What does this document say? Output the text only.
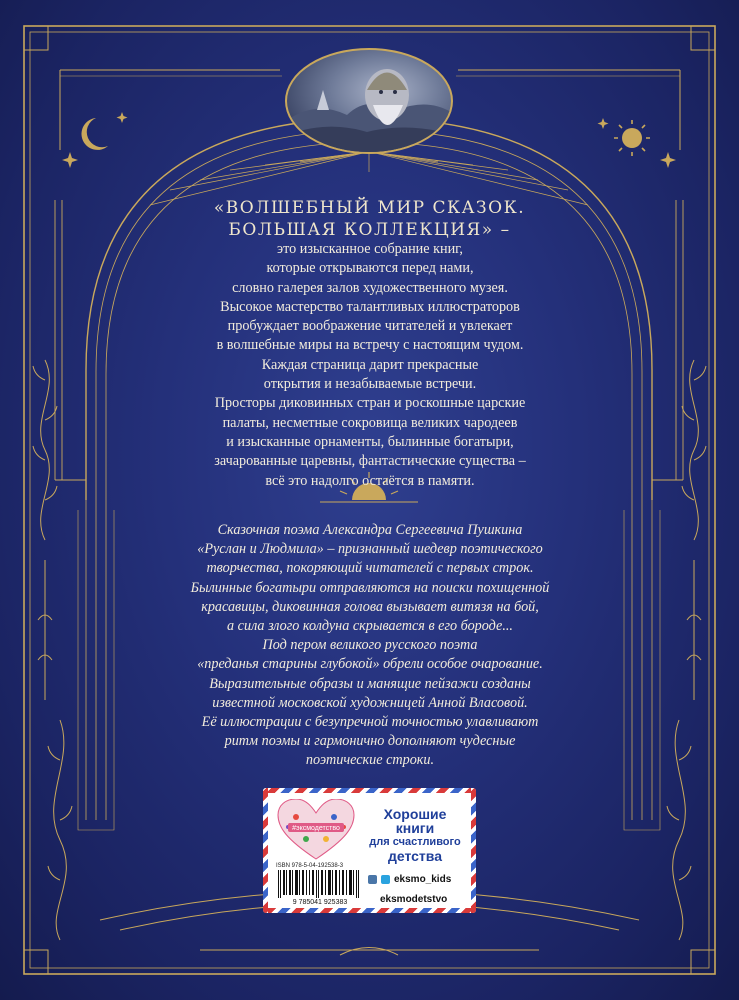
«ВОЛШЕБНЫЙ МИР СКАЗОК.
БОЛЬШАЯ КОЛЛЕКЦИЯ» –
это изысканное собрание книг,
которые открываются перед нами,
словно галерея залов художественного музея.
Высокое мастерство талантливых иллюстраторов
пробуждает воображение читателей и увлекает
в волшебные миры на встречу с настоящим чудом.
Каждая страница дарит прекрасные
открытия и незабываемые встречи.
Просторы диковинных стран и роскошные царские
палаты, несметные сокровища великих чародеев
и изысканные орнаменты, былинные богатыри,
зачарованные царевны, фантастические существа –
всё это надолго остаётся в памяти.
Сказочная поэма Александра Сергеевича Пушкина
«Руслан и Людмила» – признанный шедевр поэтического
творчества, покоряющий читателей с первых строк.
Былинные богатыри отправляются на поиски похищенной
красавицы, диковинная голова вызывает витязя на бой,
а сила злого колдуна скрывается в его бороде...
Под пером великого русского поэта
«преданья старины глубокой» обрели особое очарование.
Выразительные образы и манящие пейзажи созданы
известной московской художницей Анной Власовой.
Её иллюстрации с безупречной точностью улавливают
ритм поэмы и гармонично дополняют чудесные
поэтические строки.
#эксмодетство
Хорошие
книги
для счастливого
детства
ISBN 978-5-04-192538-3
9 785041 925383
eksmo_kids
eksmodetstvo
